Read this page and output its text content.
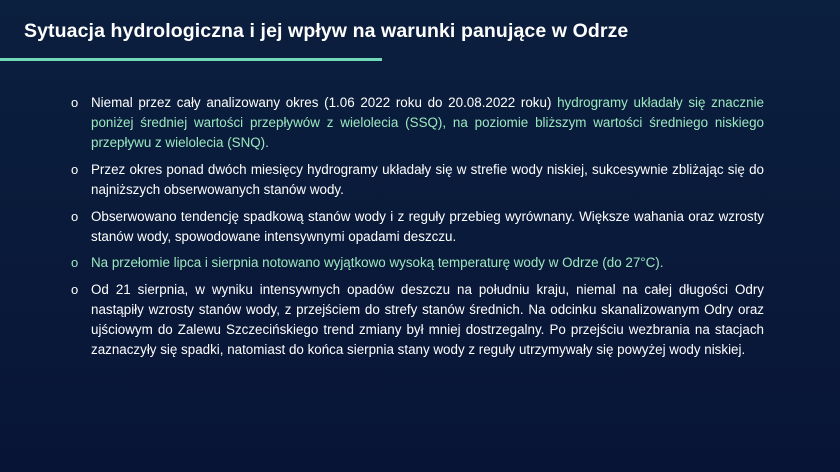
Sytuacja hydrologiczna i jej wpływ na warunki panujące w Odrze
o Niemal przez cały analizowany okres (1.06 2022 roku do 20.08.2022 roku) hydrogramy układały się znacznie poniżej średniej wartości przepływów z wielolecia (SSQ), na poziomie bliższym wartości średniego niskiego przepływu z wielolecia (SNQ).
o Przez okres ponad dwóch miesięcy hydrogramy układały się w strefie wody niskiej, sukcesywnie zbliżając się do najniższych obserwowanych stanów wody.
o Obserwowano tendencję spadkową stanów wody i z reguły przebieg wyrównany. Większe wahania oraz wzrosty stanów wody, spowodowane intensywnymi opadami deszczu.
o Na przełomie lipca i sierpnia notowano wyjątkowo wysoką temperaturę wody w Odrze (do 27°C).
o Od 21 sierpnia, w wyniku intensywnych opadów deszczu na południu kraju, niemal na całej długości Odry nastąpiły wzrosty stanów wody, z przejściem do strefy stanów średnich. Na odcinku skanalizowanym Odry oraz ujściowym do Zalewu Szczecińskiego trend zmiany był mniej dostrzegalny. Po przejściu wezbrania na stacjach zaznaczyły się spadki, natomiast do końca sierpnia stany wody z reguły utrzymywały się powyżej wody niskiej.
